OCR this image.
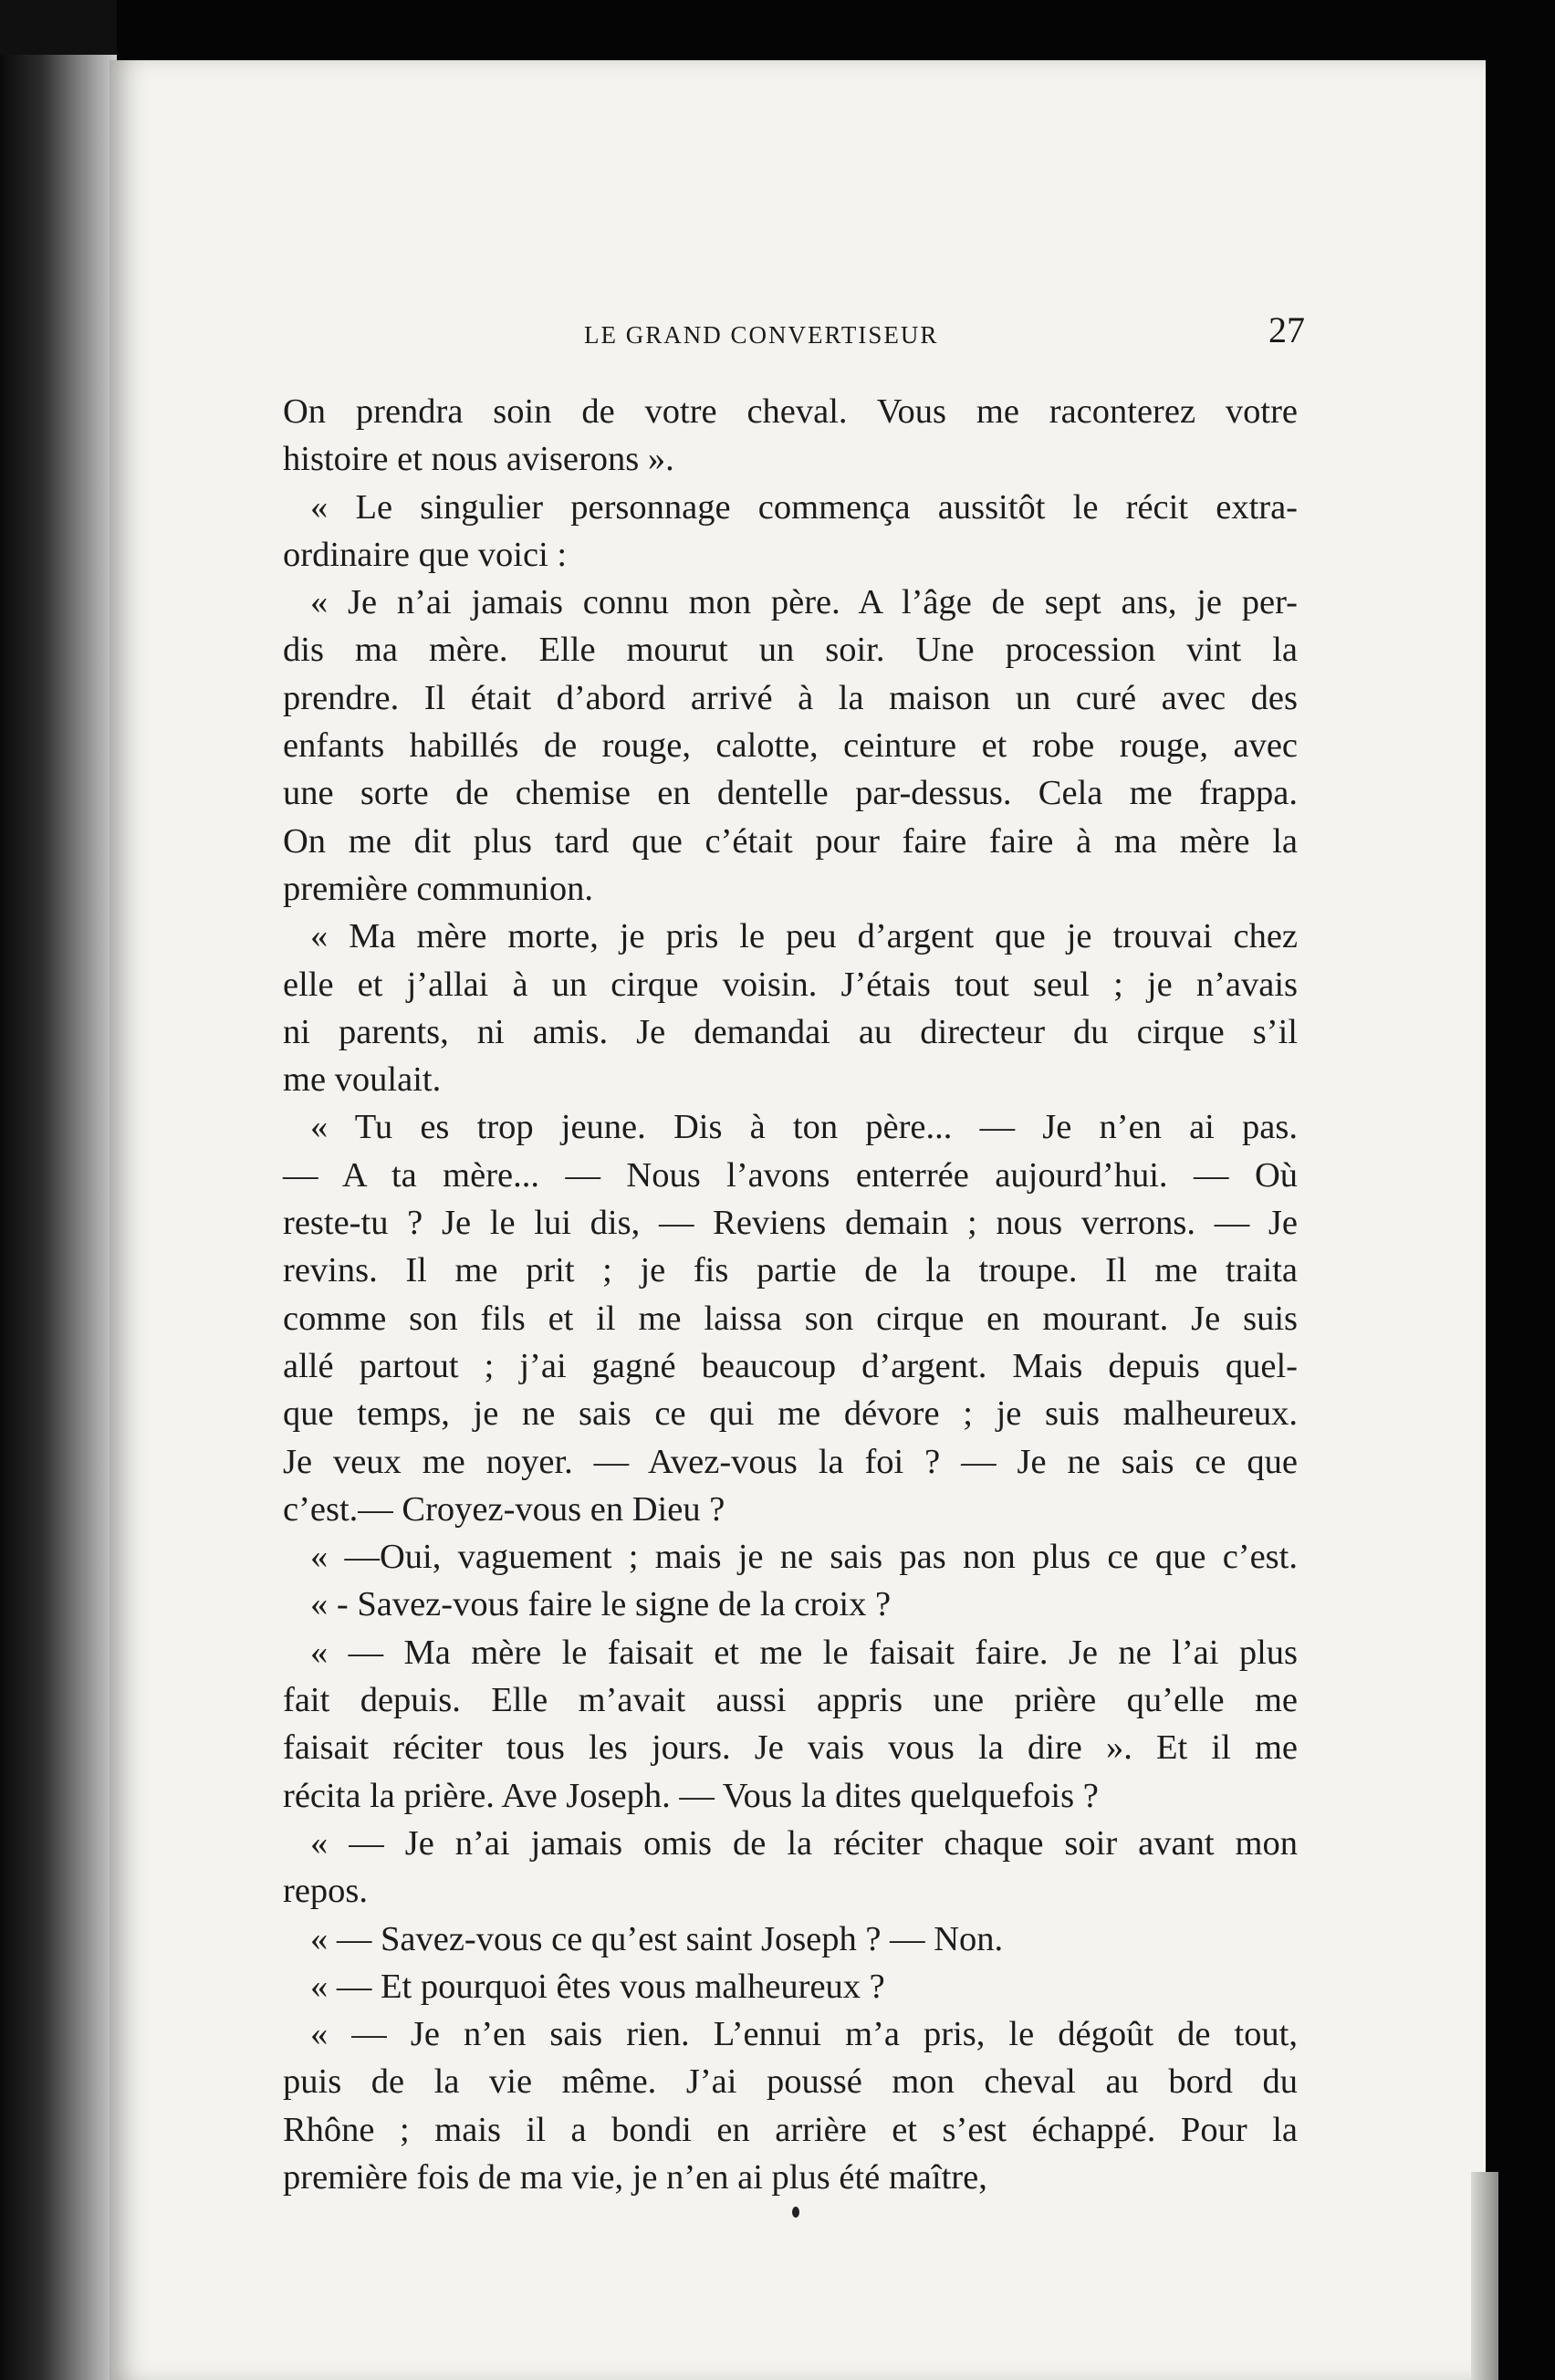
LE GRAND CONVERTISEUR	27
On prendra soin de votre cheval. Vous me raconterez votre
histoire et nous aviserons ».
« Le singulier personnage commença aussitôt le récit extra-
ordinaire que voici :
« Je n’ai jamais connu mon père. A l’âge de sept ans, je per-
dis ma mère. Elle mourut un soir. Une procession vint la
prendre. Il était d’abord arrivé à la maison un curé avec des
enfants habillés de rouge, calotte, ceinture et robe rouge, avec
une sorte de chemise en dentelle par-dessus. Cela me frappa.
On me dit plus tard que c’était pour faire faire à ma mère la
première communion.
« Ma mère morte, je pris le peu d’argent que je trouvai chez
elle et j’allai à un cirque voisin. J’étais tout seul ; je n’avais
ni parents, ni amis. Je demandai au directeur du cirque s’il
me voulait.
« Tu es trop jeune. Dis à ton père... — Je n’en ai pas.
— A ta mère... — Nous l’avons enterrée aujourd’hui. — Où
reste-tu ? Je le lui dis, — Reviens demain ; nous verrons. — Je
revins. Il me prit ; je fis partie de la troupe. Il me traita
comme son fils et il me laissa son cirque en mourant. Je suis
allé partout ; j’ai gagné beaucoup d’argent. Mais depuis quel-
que temps, je ne sais ce qui me dévore ; je suis malheureux.
Je veux me noyer. — Avez-vous la foi ? — Je ne sais ce que
c’est.— Croyez-vous en Dieu ?
« —Oui, vaguement ; mais je ne sais pas non plus ce que c’est.
« - Savez-vous faire le signe de la croix ?
« — Ma mère le faisait et me le faisait faire. Je ne l’ai plus
fait depuis. Elle m’avait aussi appris une prière qu’elle me
faisait réciter tous les jours. Je vais vous la dire ». Et il me
récita la prière. Ave Joseph. — Vous la dites quelquefois ?
« — Je n’ai jamais omis de la réciter chaque soir avant mon
repos.
« — Savez-vous ce qu’est saint Joseph ? — Non.
« — Et pourquoi êtes vous malheureux ?
« — Je n’en sais rien. L’ennui m’a pris, le dégoût de tout,
puis de la vie même. J’ai poussé mon cheval au bord du
Rhône ; mais il a bondi en arrière et s’est échappé. Pour la
première fois de ma vie, je n’en ai plus été maître,
